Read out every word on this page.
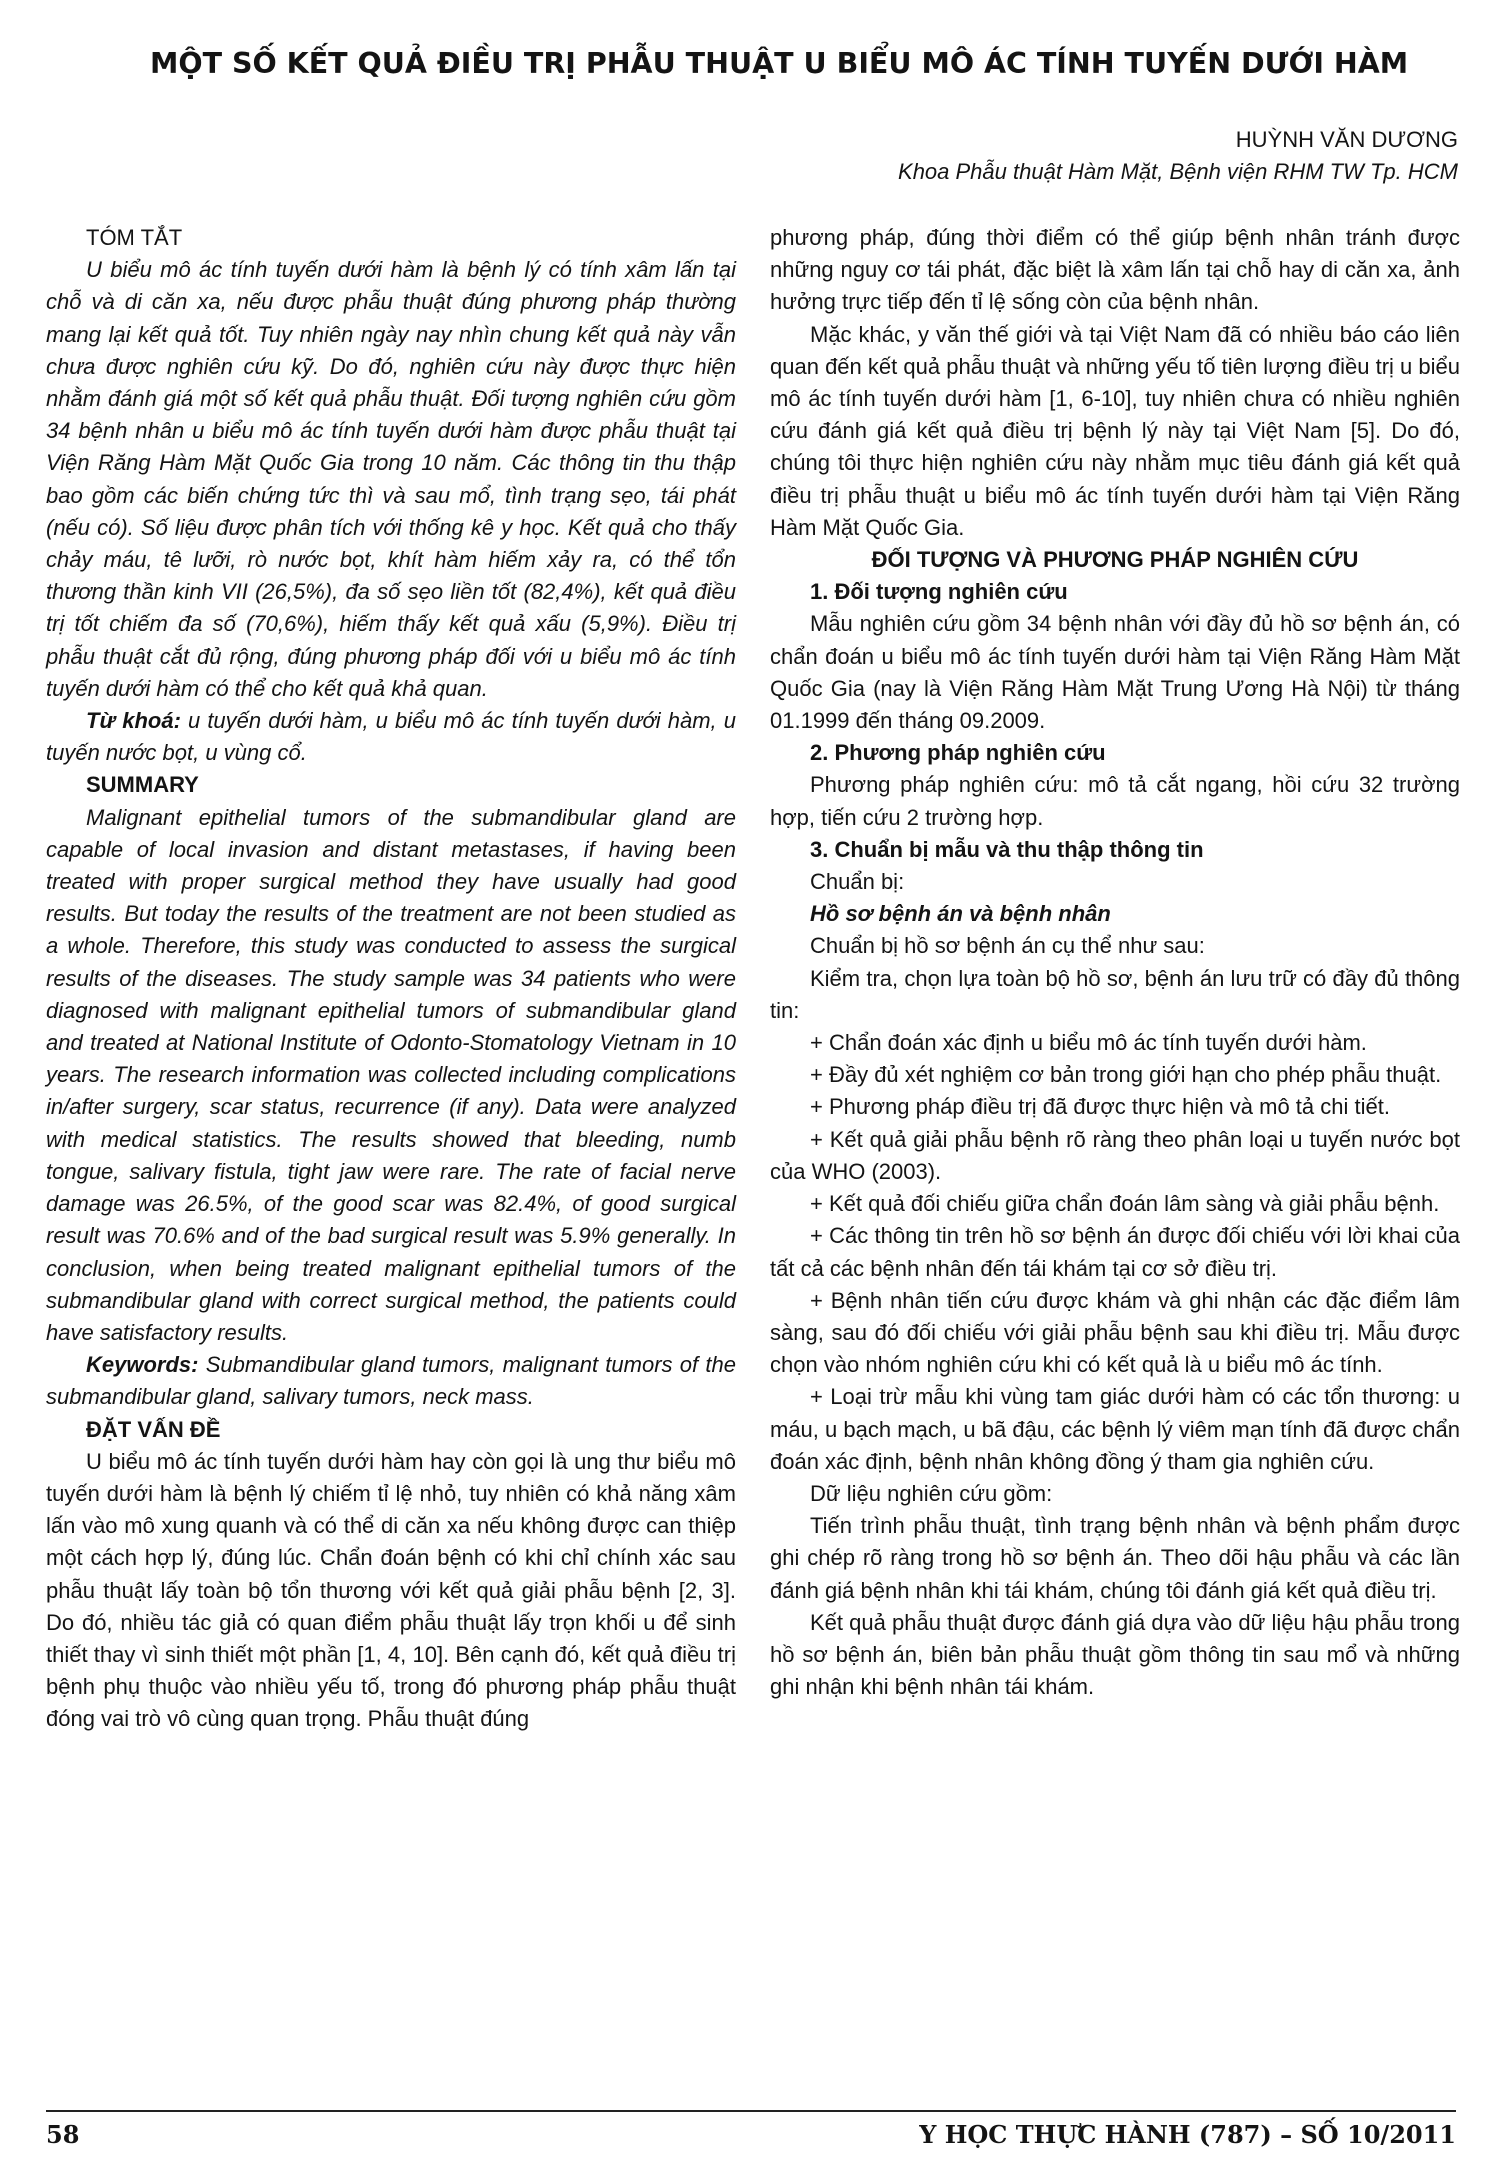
MỘT SỐ KẾT QUẢ ĐIỀU TRỊ PHẪU THUẬT U BIỂU MÔ ÁC TÍNH TUYẾN DƯỚI HÀM
HUỲNH VĂN DƯƠNG
Khoa Phẫu thuật Hàm Mặt, Bệnh viện RHM TW Tp. HCM

TÓM TẮT

U biểu mô ác tính tuyến dưới hàm là bệnh lý có tính xâm lấn tại chỗ và di căn xa, nếu được phẫu thuật đúng phương pháp thường mang lại kết quả tốt. Tuy nhiên ngày nay nhìn chung kết quả này vẫn chưa được nghiên cứu kỹ. Do đó, nghiên cứu này được thực hiện nhằm đánh giá một số kết quả phẫu thuật. Đối tượng nghiên cứu gồm 34 bệnh nhân u biểu mô ác tính tuyến dưới hàm được phẫu thuật tại Viện Răng Hàm Mặt Quốc Gia trong 10 năm. Các thông tin thu thập bao gồm các biến chứng tức thì và sau mổ, tình trạng sẹo, tái phát (nếu có). Số liệu được phân tích với thống kê y học. Kết quả cho thấy chảy máu, tê lưỡi, rò nước bọt, khít hàm hiếm xảy ra, có thể tổn thương thần kinh VII (26,5%), đa số sẹo liền tốt (82,4%), kết quả điều trị tốt chiếm đa số (70,6%), hiếm thấy kết quả xấu (5,9%). Điều trị phẫu thuật cắt đủ rộng, đúng phương pháp đối với u biểu mô ác tính tuyến dưới hàm có thể cho kết quả khả quan.

Từ khoá: u tuyến dưới hàm, u biểu mô ác tính tuyến dưới hàm, u tuyến nước bọt, u vùng cổ.

SUMMARY

Malignant epithelial tumors of the submandibular gland are capable of local invasion and distant metastases, if having been treated with proper surgical method they have usually had good results. But today the results of the treatment are not been studied as a whole. Therefore, this study was conducted to assess the surgical results of the diseases. The study sample was 34 patients who were diagnosed with malignant epithelial tumors of submandibular gland and treated at National Institute of Odonto-Stomatology Vietnam in 10 years. The research information was collected including complications in/after surgery, scar status, recurrence (if any). Data were analyzed with medical statistics. The results showed that bleeding, numb tongue, salivary fistula, tight jaw were rare. The rate of facial nerve damage was 26.5%, of the good scar was 82.4%, of good surgical result was 70.6% and of the bad surgical result was 5.9% generally. In conclusion, when being treated malignant epithelial tumors of the submandibular gland with correct surgical method, the patients could have satisfactory results.

Keywords: Submandibular gland tumors, malignant tumors of the submandibular gland, salivary tumors, neck mass.

ĐẶT VẤN ĐỀ

U biểu mô ác tính tuyến dưới hàm hay còn gọi là ung thư biểu mô tuyến dưới hàm là bệnh lý chiếm tỉ lệ nhỏ, tuy nhiên có khả năng xâm lấn vào mô xung quanh và có thể di căn xa nếu không được can thiệp một cách hợp lý, đúng lúc. Chẩn đoán bệnh có khi chỉ chính xác sau phẫu thuật lấy toàn bộ tổn thương với kết quả giải phẫu bệnh [2, 3]. Do đó, nhiều tác giả có quan điểm phẫu thuật lấy trọn khối u để sinh thiết thay vì sinh thiết một phần [1, 4, 10]. Bên cạnh đó, kết quả điều trị bệnh phụ thuộc vào nhiều yếu tố, trong đó phương pháp phẫu thuật đóng vai trò vô cùng quan trọng. Phẫu thuật đúng

phương pháp, đúng thời điểm có thể giúp bệnh nhân tránh được những nguy cơ tái phát, đặc biệt là xâm lấn tại chỗ hay di căn xa, ảnh hưởng trực tiếp đến tỉ lệ sống còn của bệnh nhân.

Mặc khác, y văn thế giới và tại Việt Nam đã có nhiều báo cáo liên quan đến kết quả phẫu thuật và những yếu tố tiên lượng điều trị u biểu mô ác tính tuyến dưới hàm [1, 6-10], tuy nhiên chưa có nhiều nghiên cứu đánh giá kết quả điều trị bệnh lý này tại Việt Nam [5]. Do đó, chúng tôi thực hiện nghiên cứu này nhằm mục tiêu đánh giá kết quả điều trị phẫu thuật u biểu mô ác tính tuyến dưới hàm tại Viện Răng Hàm Mặt Quốc Gia.

ĐỐI TƯỢNG VÀ PHƯƠNG PHÁP NGHIÊN CỨU

1. Đối tượng nghiên cứu

Mẫu nghiên cứu gồm 34 bệnh nhân với đầy đủ hồ sơ bệnh án, có chẩn đoán u biểu mô ác tính tuyến dưới hàm tại Viện Răng Hàm Mặt Quốc Gia (nay là Viện Răng Hàm Mặt Trung Ương Hà Nội) từ tháng 01.1999 đến tháng 09.2009.

2. Phương pháp nghiên cứu

Phương pháp nghiên cứu: mô tả cắt ngang, hồi cứu 32 trường hợp, tiến cứu 2 trường hợp.

3. Chuẩn bị mẫu và thu thập thông tin

Chuẩn bị:

Hồ sơ bệnh án và bệnh nhân

Chuẩn bị hồ sơ bệnh án cụ thể như sau:

Kiểm tra, chọn lựa toàn bộ hồ sơ, bệnh án lưu trữ có đầy đủ thông tin:

+ Chẩn đoán xác định u biểu mô ác tính tuyến dưới hàm.

+ Đầy đủ xét nghiệm cơ bản trong giới hạn cho phép phẫu thuật.

+ Phương pháp điều trị đã được thực hiện và mô tả chi tiết.

+ Kết quả giải phẫu bệnh rõ ràng theo phân loại u tuyến nước bọt của WHO (2003).

+ Kết quả đối chiếu giữa chẩn đoán lâm sàng và giải phẫu bệnh.

+ Các thông tin trên hồ sơ bệnh án được đối chiếu với lời khai của tất cả các bệnh nhân đến tái khám tại cơ sở điều trị.

+ Bệnh nhân tiến cứu được khám và ghi nhận các đặc điểm lâm sàng, sau đó đối chiếu với giải phẫu bệnh sau khi điều trị. Mẫu được chọn vào nhóm nghiên cứu khi có kết quả là u biểu mô ác tính.

+ Loại trừ mẫu khi vùng tam giác dưới hàm có các tổn thương: u máu, u bạch mạch, u bã đậu, các bệnh lý viêm mạn tính đã được chẩn đoán xác định, bệnh nhân không đồng ý tham gia nghiên cứu.

Dữ liệu nghiên cứu gồm:

Tiến trình phẫu thuật, tình trạng bệnh nhân và bệnh phẩm được ghi chép rõ ràng trong hồ sơ bệnh án. Theo dõi hậu phẫu và các lần đánh giá bệnh nhân khi tái khám, chúng tôi đánh giá kết quả điều trị.

Kết quả phẫu thuật được đánh giá dựa vào dữ liệu hậu phẫu trong hồ sơ bệnh án, biên bản phẫu thuật gồm thông tin sau mổ và những ghi nhận khi bệnh nhân tái khám.

58	Y HỌC THỰC HÀNH (787) – SỐ 10/2011
